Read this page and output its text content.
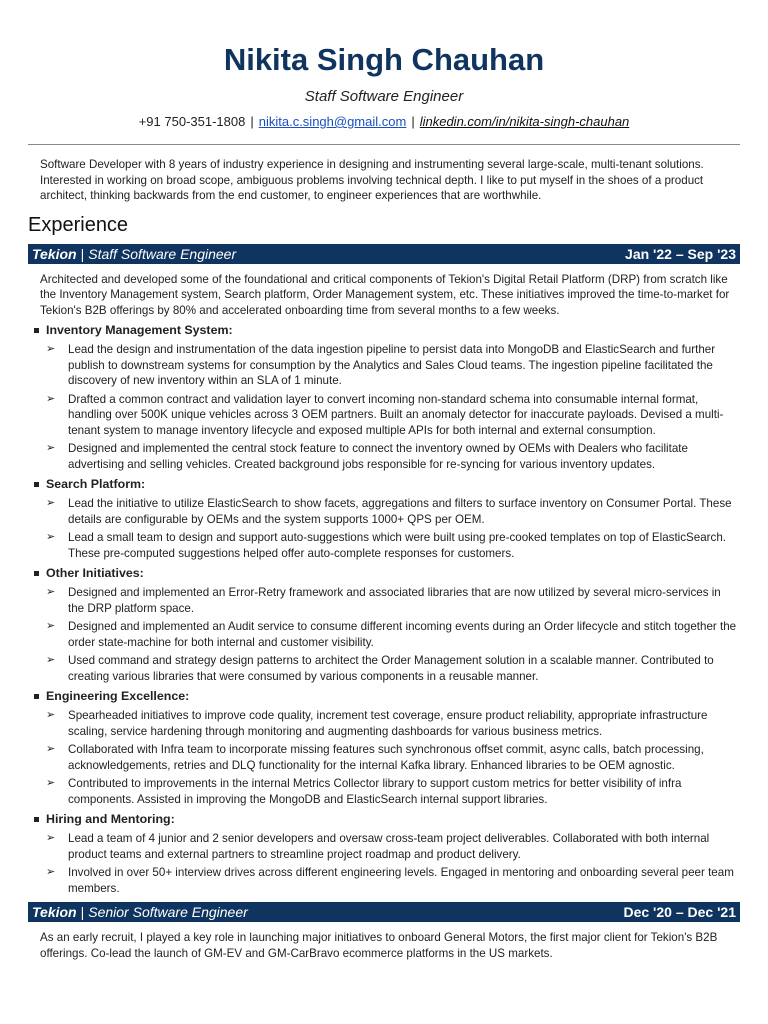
Nikita Singh Chauhan
Staff Software Engineer
+91 750-351-1808 | nikita.c.singh@gmail.com | linkedin.com/in/nikita-singh-chauhan
Software Developer with 8 years of industry experience in designing and instrumenting several large-scale, multi-tenant solutions. Interested in working on broad scope, ambiguous problems involving technical depth. I like to put myself in the shoes of a product architect, thinking backwards from the end customer, to engineer experiences that are worthwhile.
Experience
Tekion | Staff Software Engineer	Jan '22 – Sep '23
Architected and developed some of the foundational and critical components of Tekion's Digital Retail Platform (DRP) from scratch like the Inventory Management system, Search platform, Order Management system, etc. These initiatives improved the time-to-market for Tekion's B2B offerings by 80% and accelerated onboarding time from several months to a few weeks.
Inventory Management System:
➢	Lead the design and instrumentation of the data ingestion pipeline to persist data into MongoDB and ElasticSearch and further publish to downstream systems for consumption by the Analytics and Sales Cloud teams. The ingestion pipeline facilitated the discovery of new inventory within an SLA of 1 minute.
➢	Drafted a common contract and validation layer to convert incoming non-standard schema into consumable internal format, handling over 500K unique vehicles across 3 OEM partners. Built an anomaly detector for inaccurate payloads. Devised a multi-tenant system to manage inventory lifecycle and exposed multiple APIs for both internal and external consumption.
➢	Designed and implemented the central stock feature to connect the inventory owned by OEMs with Dealers who facilitate advertising and selling vehicles. Created background jobs responsible for re-syncing for various inventory updates.
Search Platform:
➢	Lead the initiative to utilize ElasticSearch to show facets, aggregations and filters to surface inventory on Consumer Portal. These details are configurable by OEMs and the system supports 1000+ QPS per OEM.
➢	Lead a small team to design and support auto-suggestions which were built using pre-cooked templates on top of ElasticSearch. These pre-computed suggestions helped offer auto-complete responses for customers.
Other Initiatives:
➢	Designed and implemented an Error-Retry framework and associated libraries that are now utilized by several micro-services in the DRP platform space.
➢	Designed and implemented an Audit service to consume different incoming events during an Order lifecycle and stitch together the order state-machine for both internal and customer visibility.
➢	Used command and strategy design patterns to architect the Order Management solution in a scalable manner. Contributed to creating various libraries that were consumed by various components in a reusable manner.
Engineering Excellence:
➢	Spearheaded initiatives to improve code quality, increment test coverage, ensure product reliability, appropriate infrastructure scaling, service hardening through monitoring and augmenting dashboards for various business metrics.
➢	Collaborated with Infra team to incorporate missing features such synchronous offset commit, async calls, batch processing, acknowledgements, retries and DLQ functionality for the internal Kafka library. Enhanced libraries to be OEM agnostic.
➢	Contributed to improvements in the internal Metrics Collector library to support custom metrics for better visibility of infra components. Assisted in improving the MongoDB and ElasticSearch internal support libraries.
Hiring and Mentoring:
➢	Lead a team of 4 junior and 2 senior developers and oversaw cross-team project deliverables. Collaborated with both internal product teams and external partners to streamline project roadmap and product delivery.
➢	Involved in over 50+ interview drives across different engineering levels. Engaged in mentoring and onboarding several peer team members.
Tekion | Senior Software Engineer	Dec '20 – Dec '21
As an early recruit, I played a key role in launching major initiatives to onboard General Motors, the first major client for Tekion's B2B offerings. Co-lead the launch of GM-EV and GM-CarBravo ecommerce platforms in the US markets.
